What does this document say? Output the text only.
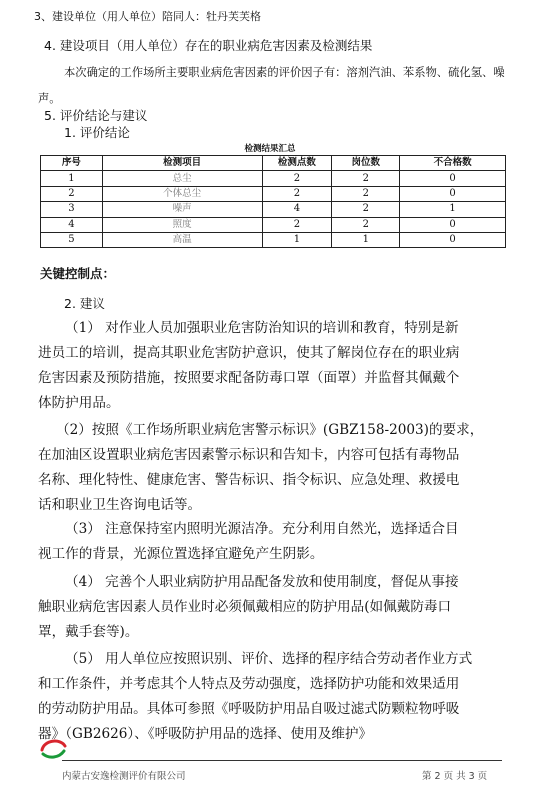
3、建设单位（用人单位）陪同人：牡丹芙芙格
4. 建设项目（用人单位）存在的职业病危害因素及检测结果
本次确定的工作场所主要职业病危害因素的评价因子有：溶剂汽油、苯系物、硫化氢、噪
声。
5. 评价结论与建议
1. 评价结论
检测结果汇总
序号	检测项目	检测点数	岗位数	不合格数
1	总尘	2	2	0
2	个体总尘	2	2	0
3	噪声	4	2	1
4	照度	2	2	0
5	高温	1	1	0
关键控制点：
2. 建议
（1） 对作业人员加强职业危害防治知识的培训和教育，特别是新
进员工的培训，提高其职业危害防护意识，使其了解岗位存在的职业病
危害因素及预防措施，按照要求配备防毒口罩（面罩）并监督其佩戴个
体防护用品。
（2）按照《工作场所职业病危害警示标识》(GBZ158-2003)的要求，
在加油区设置职业病危害因素警示标识和告知卡，内容可包括有毒物品
名称、理化特性、健康危害、警告标识、指令标识、应急处理、救援电
话和职业卫生咨询电话等。
（3） 注意保持室内照明光源洁净。充分利用自然光，选择适合目
视工作的背景，光源位置选择宜避免产生阴影。
（4） 完善个人职业病防护用品配备发放和使用制度，督促从事接
触职业病危害因素人员作业时必须佩戴相应的防护用品(如佩戴防毒口
罩，戴手套等)。
（5） 用人单位应按照识别、评价、选择的程序结合劳动者作业方式
和工作条件，并考虑其个人特点及劳动强度，选择防护功能和效果适用
的劳动防护用品。具体可参照《呼吸防护用品自吸过滤式防颗粒物呼吸
器》（GB2626）、《呼吸防护用品的选择、使用及维护》
内蒙古安逸检测评价有限公司	第 2 页 共 3 页
